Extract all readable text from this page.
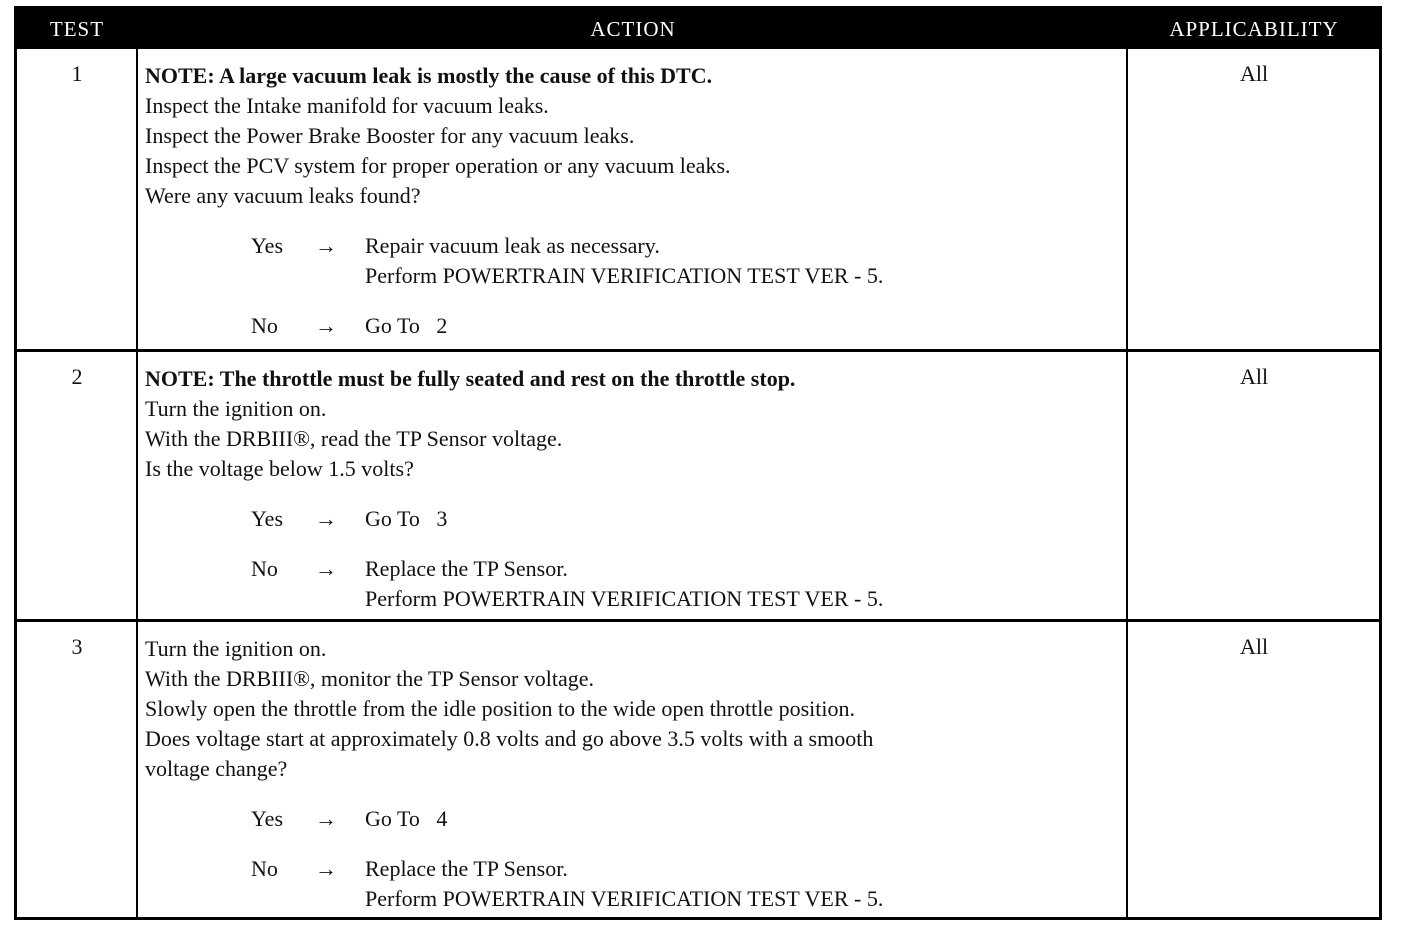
TEST	ACTION	APPLICABILITY
1	NOTE: A large vacuum leak is mostly the cause of this DTC.
Inspect the Intake manifold for vacuum leaks.
Inspect the Power Brake Booster for any vacuum leaks.
Inspect the PCV system for proper operation or any vacuum leaks.
Were any vacuum leaks found?
Yes	→	Repair vacuum leak as necessary.
Perform POWERTRAIN VERIFICATION TEST VER - 5.
No	→	Go To   2
All
2	NOTE: The throttle must be fully seated and rest on the throttle stop.
Turn the ignition on.
With the DRBIII®, read the TP Sensor voltage.
Is the voltage below 1.5 volts?
Yes	→	Go To   3
No	→	Replace the TP Sensor.
Perform POWERTRAIN VERIFICATION TEST VER - 5.
All
3	Turn the ignition on.
With the DRBIII®, monitor the TP Sensor voltage.
Slowly open the throttle from the idle position to the wide open throttle position.
Does voltage start at approximately 0.8 volts and go above 3.5 volts with a smooth
voltage change?
Yes	→	Go To   4
No	→	Replace the TP Sensor.
Perform POWERTRAIN VERIFICATION TEST VER - 5.
All
